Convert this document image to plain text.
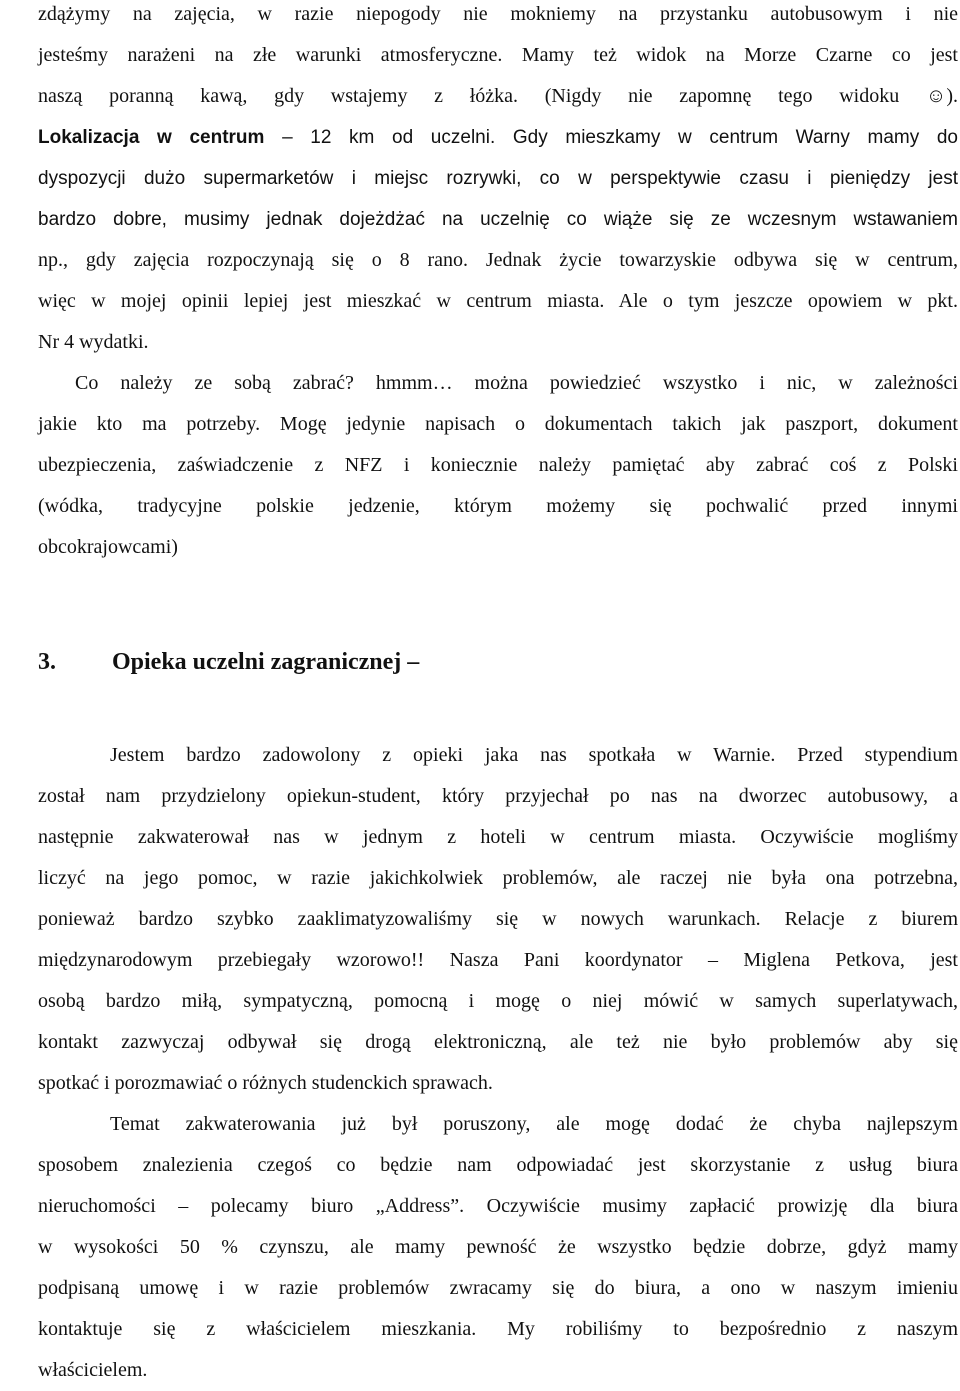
zdążymy na zajęcia, w razie niepogody nie mokniemy na przystanku autobusowym i nie
jesteśmy narażeni na złe warunki atmosferyczne. Mamy też widok na Morze Czarne co jest
naszą poranną kawą, gdy wstajemy z łóżka. (Nigdy nie zapomnę tego widoku ☺).
Lokalizacja w centrum – 12 km od uczelni. Gdy mieszkamy w centrum Warny mamy do
dyspozycji dużo supermarketów i miejsc rozrywki, co w perspektywie czasu i pieniędzy jest
bardzo dobre, musimy jednak dojeżdżać na uczelnię co wiąże się ze wczesnym wstawaniem
np., gdy zajęcia rozpoczynają się o 8 rano. Jednak życie towarzyskie odbywa się w centrum,
więc w mojej opinii lepiej jest mieszkać w centrum miasta. Ale o tym jeszcze opowiem w pkt.
Nr 4 wydatki.
Co należy ze sobą zabrać? hmmm… można powiedzieć wszystko i nic, w zależności
jakie kto ma potrzeby. Mogę jedynie napisach o dokumentach takich jak paszport, dokument
ubezpieczenia, zaświadczenie z NFZ i koniecznie należy pamiętać aby zabrać coś z Polski
(wódka, tradycyjne polskie jedzenie, którym możemy się pochwalić przed innymi
obcokrajowcami)
3. Opieka uczelni zagranicznej –
Jestem bardzo zadowolony z opieki jaka nas spotkała w Warnie. Przed stypendium
został nam przydzielony opiekun-student, który przyjechał po nas na dworzec autobusowy, a
następnie zakwaterował nas w jednym z hoteli w centrum miasta. Oczywiście mogliśmy
liczyć na jego pomoc, w razie jakichkolwiek problemów, ale raczej nie była ona potrzebna,
ponieważ bardzo szybko zaaklimatyzowaliśmy się w nowych warunkach. Relacje z biurem
międzynarodowym przebiegały wzorowo!! Nasza Pani koordynator – Miglena Petkova, jest
osobą bardzo miłą, sympatyczną, pomocną i mogę o niej mówić w samych superlatywach,
kontakt zazwyczaj odbywał się drogą elektroniczną, ale też nie było problemów aby się
spotkać i porozmawiać o różnych studenckich sprawach.
Temat zakwaterowania już był poruszony, ale mogę dodać że chyba najlepszym
sposobem znalezienia czegoś co będzie nam odpowiadać jest skorzystanie z usług biura
nieruchomości – polecamy biuro „Address”. Oczywiście musimy zapłacić prowizję dla biura
w wysokości 50 % czynszu, ale mamy pewność że wszystko będzie dobrze, gdyż mamy
podpisaną umowę i w razie problemów zwracamy się do biura, a ono w naszym imieniu
kontaktuje się z właścicielem mieszkania. My robiliśmy to bezpośrednio z naszym
właścicielem.
